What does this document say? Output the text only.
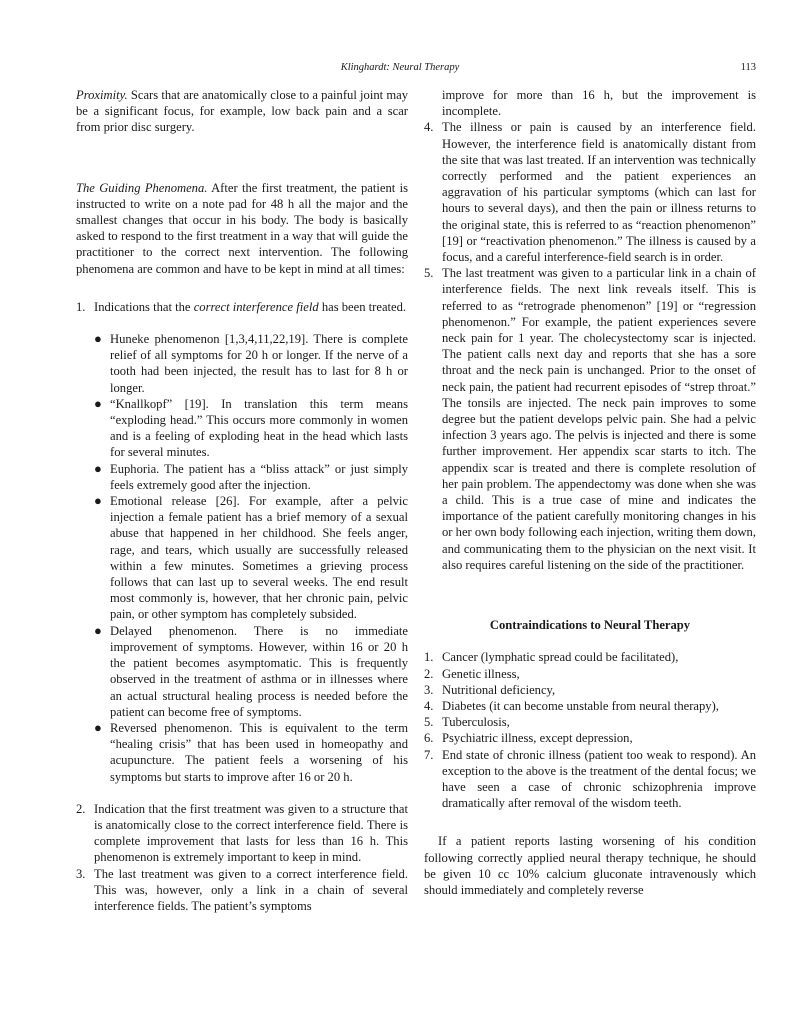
Klinghardt: Neural Therapy	113

Proximity. Scars that are anatomically close to a painful joint may be a significant focus, for example, low back pain and a scar from prior disc surgery.

The Guiding Phenomena. After the first treatment, the patient is instructed to write on a note pad for 48 h all the major and the smallest changes that occur in his body. The body is basically asked to respond to the first treatment in a way that will guide the practitioner to the correct next intervention. The following phenomena are common and have to be kept in mind at all times:

1. Indications that the correct interference field has been treated.
● Huneke phenomenon [1,3,4,11,22,19]. There is complete relief of all symptoms for 20 h or longer. If the nerve of a tooth had been injected, the result has to last for 8 h or longer.
● “Knallkopf” [19]. In translation this term means “exploding head.” This occurs more commonly in women and is a feeling of exploding heat in the head which lasts for several minutes.
● Euphoria. The patient has a “bliss attack” or just simply feels extremely good after the injection.
● Emotional release [26]. For example, after a pelvic injection a female patient has a brief memory of a sexual abuse that happened in her childhood. She feels anger, rage, and tears, which usually are successfully released within a few minutes. Sometimes a grieving process follows that can last up to several weeks. The end result most commonly is, however, that her chronic pain, pelvic pain, or other symptom has completely subsided.
● Delayed phenomenon. There is no immediate improvement of symptoms. However, within 16 or 20 h the patient becomes asymptomatic. This is frequently observed in the treatment of asthma or in illnesses where an actual structural healing process is needed before the patient can become free of symptoms.
● Reversed phenomenon. This is equivalent to the term “healing crisis” that has been used in homeopathy and acupuncture. The patient feels a worsening of his symptoms but starts to improve after 16 or 20 h.
2. Indication that the first treatment was given to a structure that is anatomically close to the correct interference field. There is complete improvement that lasts for less than 16 h. This phenomenon is extremely important to keep in mind.
3. The last treatment was given to a correct interference field. This was, however, only a link in a chain of several interference fields. The patient’s symptoms
improve for more than 16 h, but the improvement is incomplete.
4. The illness or pain is caused by an interference field. However, the interference field is anatomically distant from the site that was last treated. If an intervention was technically correctly performed and the patient experiences an aggravation of his particular symptoms (which can last for hours to several days), and then the pain or illness returns to the original state, this is referred to as “reaction phenomenon” [19] or “reactivation phenomenon.” The illness is caused by a focus, and a careful interference-field search is in order.
5. The last treatment was given to a particular link in a chain of interference fields. The next link reveals itself. This is referred to as “retrograde phenomenon” [19] or “regression phenomenon.” For example, the patient experiences severe neck pain for 1 year. The cholecystectomy scar is injected. The patient calls next day and reports that she has a sore throat and the neck pain is unchanged. Prior to the onset of neck pain, the patient had recurrent episodes of “strep throat.” The tonsils are injected. The neck pain improves to some degree but the patient develops pelvic pain. She had a pelvic infection 3 years ago. The pelvis is injected and there is some further improvement. Her appendix scar starts to itch. The appendix scar is treated and there is complete resolution of her pain problem. The appendectomy was done when she was a child. This is a true case of mine and indicates the importance of the patient carefully monitoring changes in his or her own body following each injection, writing them down, and communicating them to the physician on the next visit. It also requires careful listening on the side of the practitioner.

Contraindications to Neural Therapy

1. Cancer (lymphatic spread could be facilitated),
2. Genetic illness,
3. Nutritional deficiency,
4. Diabetes (it can become unstable from neural therapy),
5. Tuberculosis,
6. Psychiatric illness, except depression,
7. End state of chronic illness (patient too weak to respond). An exception to the above is the treatment of the dental focus; we have seen a case of chronic schizophrenia improve dramatically after removal of the wisdom teeth.

If a patient reports lasting worsening of his condition following correctly applied neural therapy technique, he should be given 10 cc 10% calcium gluconate intravenously which should immediately and completely reverse
